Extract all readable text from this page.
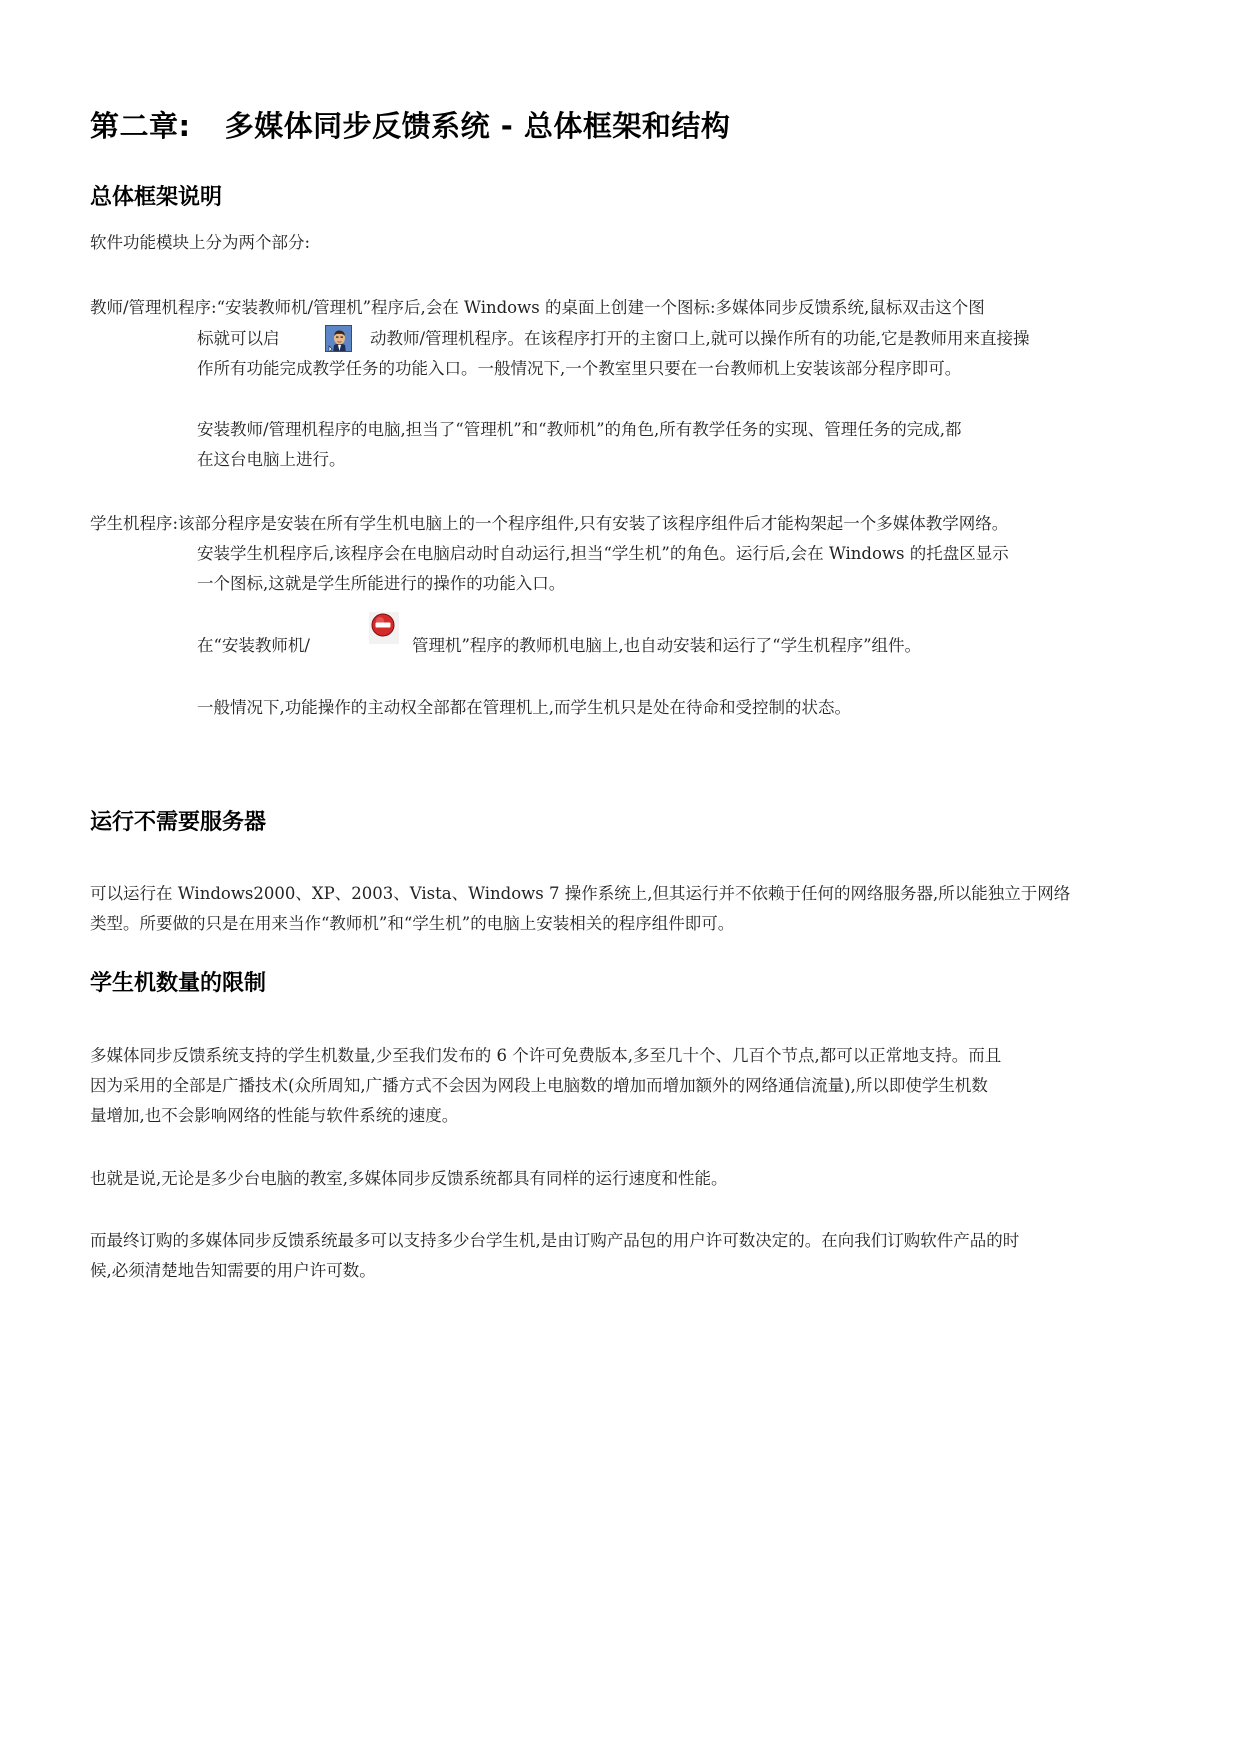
第二章: 多媒体同步反馈系统 - 总体框架和结构
总体框架说明

软件功能模块上分为两个部分:

教师/管理机程序:“安装教师机/管理机”程序后,会在 Windows 的桌面上创建一个图标:多媒体同步反馈系统,鼠标双击这个图

标就可以启	动教师/管理机程序。在该程序打开的主窗口上,就可以操作所有的功能,它是教师用来直接操

作所有功能完成教学任务的功能入口。一般情况下,一个教室里只要在一台教师机上安装该部分程序即可。

安装教师/管理机程序的电脑,担当了“管理机”和“教师机”的角色,所有教学任务的实现、管理任务的完成,都

在这台电脑上进行。

学生机程序:该部分程序是安装在所有学生机电脑上的一个程序组件,只有安装了该程序组件后才能构架起一个多媒体教学网络。

安装学生机程序后,该程序会在电脑启动时自动运行,担当“学生机”的角色。运行后,会在 Windows 的托盘区显示

一个图标,这就是学生所能进行的操作的功能入口。

在“安装教师机/	管理机”程序的教师机电脑上,也自动安装和运行了“学生机程序”组件。

一般情况下,功能操作的主动权全部都在管理机上,而学生机只是处在待命和受控制的状态。

运行不需要服务器

可以运行在 Windows2000、XP、2003、Vista、Windows 7 操作系统上,但其运行并不依赖于任何的网络服务器,所以能独立于网络

类型。所要做的只是在用来当作“教师机”和“学生机”的电脑上安装相关的程序组件即可。

学生机数量的限制

多媒体同步反馈系统支持的学生机数量,少至我们发布的 6 个许可免费版本,多至几十个、几百个节点,都可以正常地支持。而且

因为采用的全部是广播技术(众所周知,广播方式不会因为网段上电脑数的增加而增加额外的网络通信流量),所以即使学生机数

量增加,也不会影响网络的性能与软件系统的速度。

也就是说,无论是多少台电脑的教室,多媒体同步反馈系统都具有同样的运行速度和性能。

而最终订购的多媒体同步反馈系统最多可以支持多少台学生机,是由订购产品包的用户许可数决定的。在向我们订购软件产品的时

候,必须清楚地告知需要的用户许可数。
